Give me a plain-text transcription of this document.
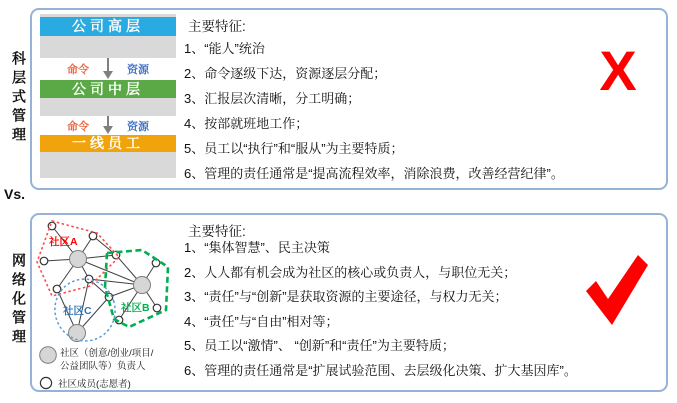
科层式管理
Vs.
网络化管理
公司高层
命令	资源
公司中层
命令	资源
一线员工
主要特征:
1、“能人”统治
2、命令逐级下达，资源逐层分配；
3、汇报层次清晰，分工明确；
4、按部就班地工作；
5、员工以“执行”和“服从”为主要特质；
6、管理的责任通常是“提高流程效率，消除浪费，改善经营纪律”。
X
社区A
社区B
社区C
社区（创意/创业/项目/
公益团队等）负责人
社区成员(志愿者)
主要特征:
1、“集体智慧”、民主决策
2、人人都有机会成为社区的核心或负责人，与职位无关；
3、“责任”与“创新”是获取资源的主要途径，与权力无关；
4、“责任”与“自由”相对等；
5、员工以“激情”、 “创新”和“责任”为主要特质；
6、管理的责任通常是“扩展试验范围、去层级化决策、扩大基因库”。
